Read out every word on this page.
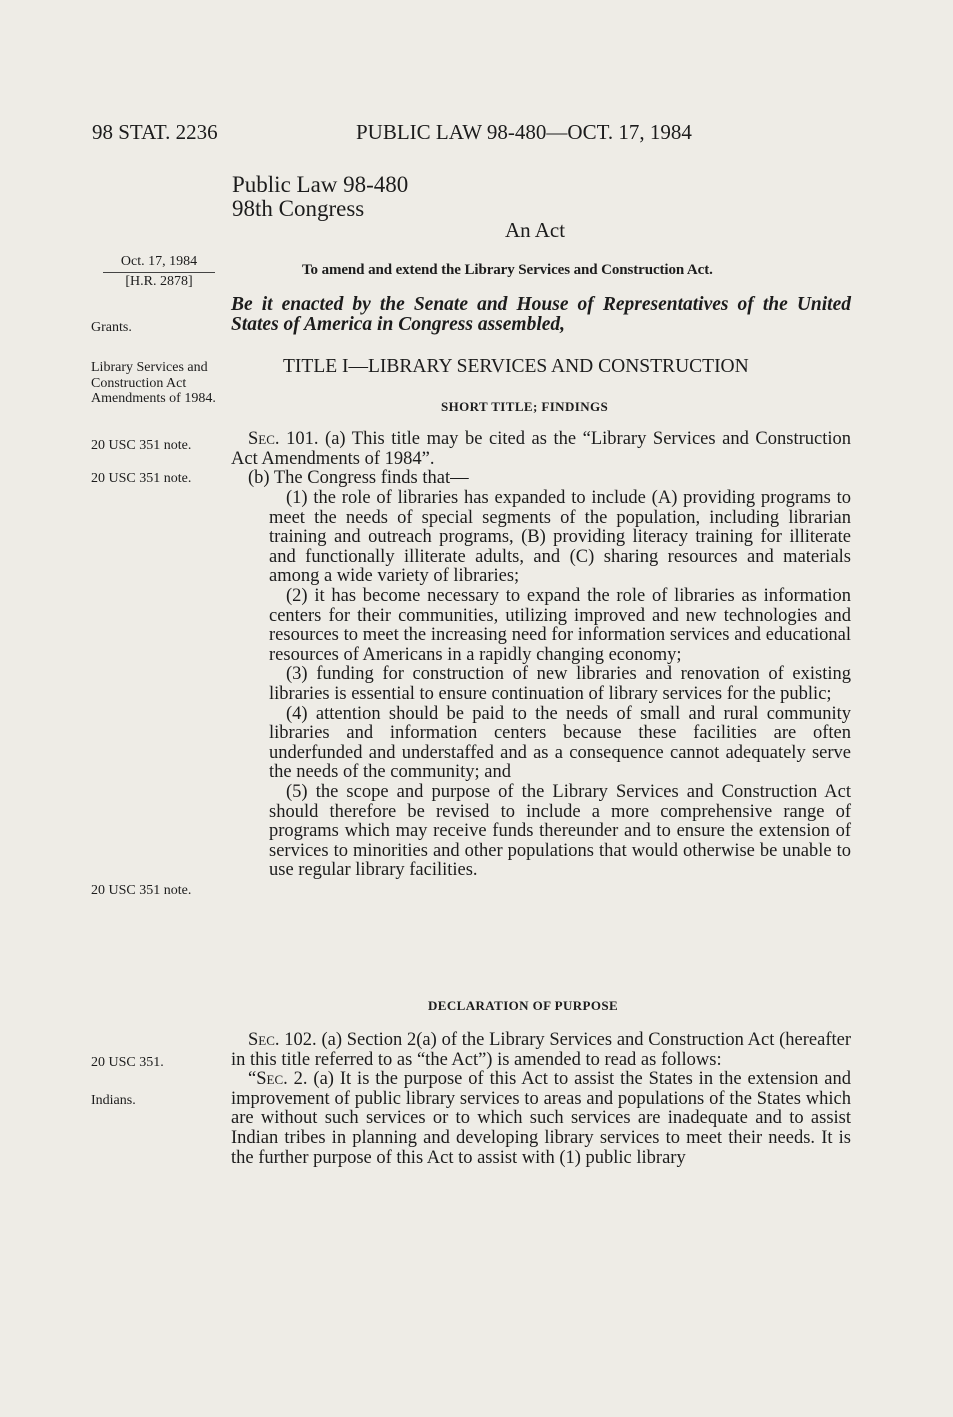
98 STAT. 2236	PUBLIC LAW 98-480—OCT. 17, 1984
Public Law 98-480
98th Congress
An Act
Oct. 17, 1984
[H.R. 2878]
To amend and extend the Library Services and Construction Act.
Be it enacted by the Senate and House of Representatives of the United States of America in Congress assembled,
Grants.
Library Services and Construction Act Amendments of 1984.
20 USC 351 note.
20 USC 351 note.
20 USC 351 note.
20 USC 351.
Indians.
TITLE I—LIBRARY SERVICES AND CONSTRUCTION
SHORT TITLE; FINDINGS

Sec. 101. (a) This title may be cited as the “Library Services and Construction Act Amendments of 1984”.

(b) The Congress finds that—

(1) the role of libraries has expanded to include (A) providing programs to meet the needs of special segments of the population, including librarian training and outreach programs, (B) providing literacy training for illiterate and functionally illiterate adults, and (C) sharing resources and materials among a wide variety of libraries;

(2) it has become necessary to expand the role of libraries as information centers for their communities, utilizing improved and new technologies and resources to meet the increasing need for information services and educational resources of Americans in a rapidly changing economy;

(3) funding for construction of new libraries and renovation of existing libraries is essential to ensure continuation of library services for the public;

(4) attention should be paid to the needs of small and rural community libraries and information centers because these facilities are often underfunded and understaffed and as a consequence cannot adequately serve the needs of the community; and

(5) the scope and purpose of the Library Services and Construction Act should therefore be revised to include a more comprehensive range of programs which may receive funds thereunder and to ensure the extension of services to minorities and other populations that would otherwise be unable to use regular library facilities.

DECLARATION OF PURPOSE

Sec. 102. (a) Section 2(a) of the Library Services and Construction Act (hereafter in this title referred to as “the Act”) is amended to read as follows:

“Sec. 2. (a) It is the purpose of this Act to assist the States in the extension and improvement of public library services to areas and populations of the States which are without such services or to which such services are inadequate and to assist Indian tribes in planning and developing library services to meet their needs. It is the further purpose of this Act to assist with (1) public library
